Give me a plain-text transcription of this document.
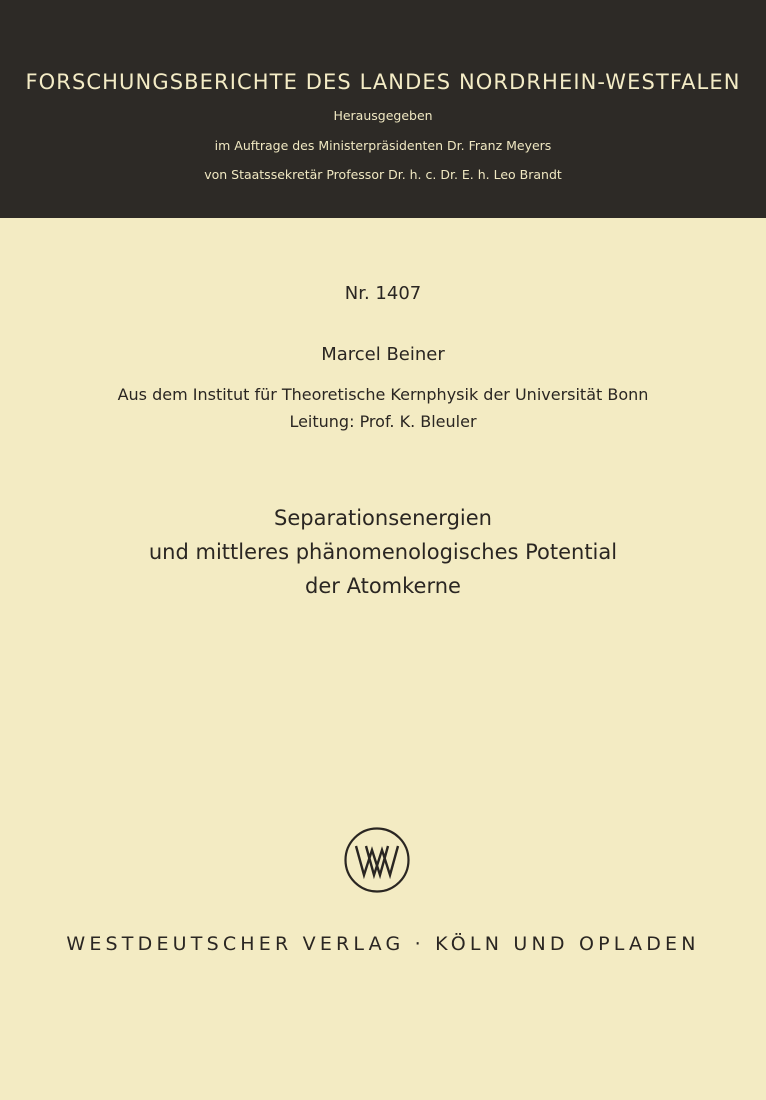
FORSCHUNGSBERICHTE DES LANDES NORDRHEIN-WESTFALEN
Herausgegeben
im Auftrage des Ministerpräsidenten Dr. Franz Meyers
von Staatssekretär Professor Dr. h. c. Dr. E. h. Leo Brandt
Nr. 1407
Marcel Beiner
Aus dem Institut für Theoretische Kernphysik der Universität Bonn
Leitung: Prof. K. Bleuler
Separationsenergien
und mittleres phänomenologisches Potential
der Atomkerne
WESTDEUTSCHER VERLAG · KÖLN UND OPLADEN
